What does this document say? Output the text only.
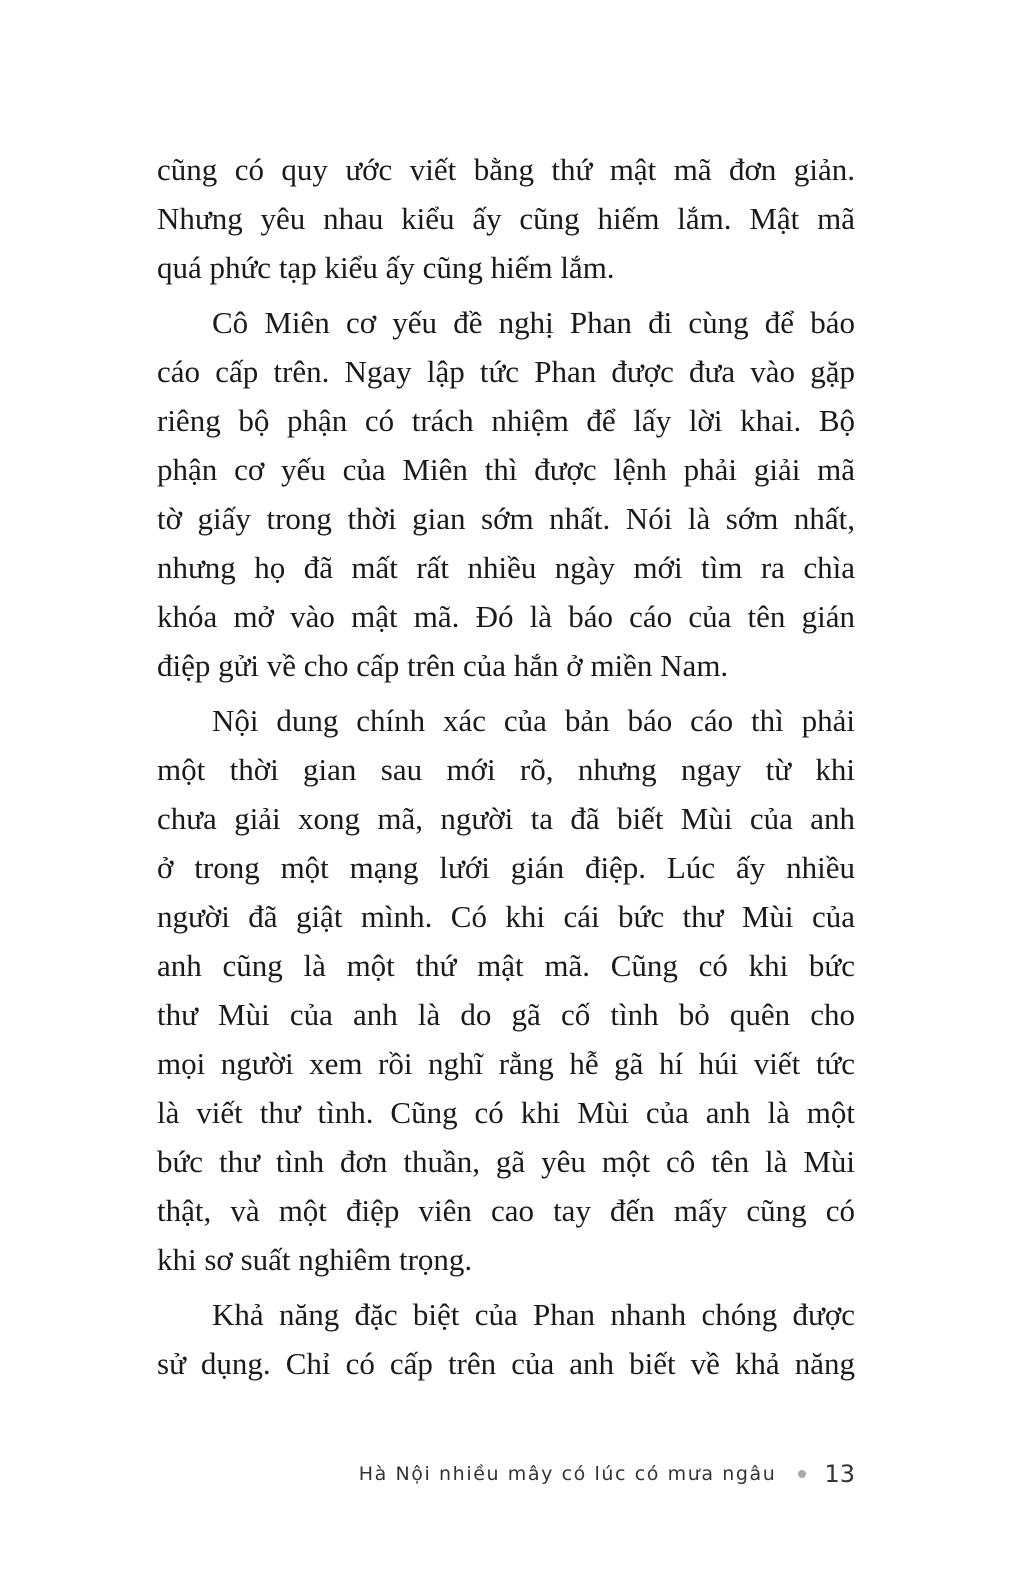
cũng có quy ước viết bằng thứ mật mã đơn giản.
Nhưng yêu nhau kiểu ấy cũng hiếm lắm. Mật mã
quá phức tạp kiểu ấy cũng hiếm lắm.
Cô Miên cơ yếu đề nghị Phan đi cùng để báo
cáo cấp trên. Ngay lập tức Phan được đưa vào gặp
riêng bộ phận có trách nhiệm để lấy lời khai. Bộ
phận cơ yếu của Miên thì được lệnh phải giải mã
tờ giấy trong thời gian sớm nhất. Nói là sớm nhất,
nhưng họ đã mất rất nhiều ngày mới tìm ra chìa
khóa mở vào mật mã. Đó là báo cáo của tên gián
điệp gửi về cho cấp trên của hắn ở miền Nam.
Nội dung chính xác của bản báo cáo thì phải
một thời gian sau mới rõ, nhưng ngay từ khi
chưa giải xong mã, người ta đã biết Mùi của anh
ở trong một mạng lưới gián điệp. Lúc ấy nhiều
người đã giật mình. Có khi cái bức thư Mùi của
anh cũng là một thứ mật mã. Cũng có khi bức
thư Mùi của anh là do gã cố tình bỏ quên cho
mọi người xem rồi nghĩ rằng hễ gã hí húi viết tức
là viết thư tình. Cũng có khi Mùi của anh là một
bức thư tình đơn thuần, gã yêu một cô tên là Mùi
thật, và một điệp viên cao tay đến mấy cũng có
khi sơ suất nghiêm trọng.
Khả năng đặc biệt của Phan nhanh chóng được
sử dụng. Chỉ có cấp trên của anh biết về khả năng
Hà Nội nhiều mây có lúc có mưa ngâu 13
